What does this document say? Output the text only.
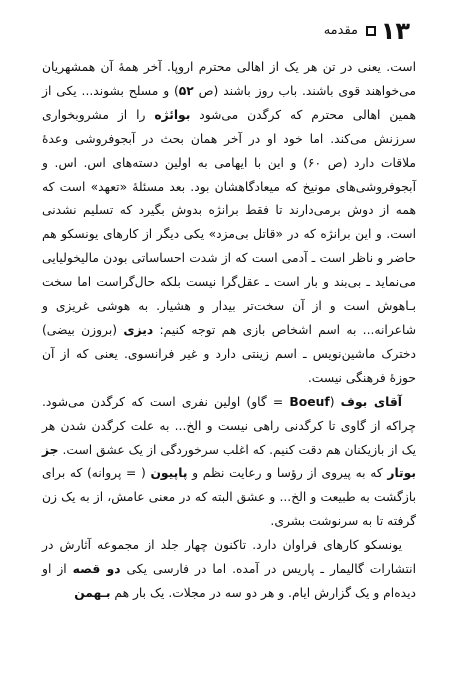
۱۳
مقدمه

است. یعنی در تن هر یک از اهالی محترم اروپا. آخر همهٔ آن همشهریان می‌خواهند قوی باشند. باب روز باشند (ص ۵۲) و مسلح بشوند... یکی از همین اهالی محترم که کرگدن می‌شود بوائژه را از مشروبخواری سرزنش می‌کند. اما خود او در آخر همان بحث در آبجوفروشی وعدهٔ ملاقات دارد (ص ۶۰) و این با ایهامی به اولین دسته‌های اس. اس. و آبجوفروشی‌های مونیخ که میعادگاهشان بود. بعد مسئلهٔ «تعهد» است که همه از دوش برمی‌دارند تا فقط برانژه بدوش بگیرد که تسلیم نشدنی است. و این برانژه که در «قاتل بی‌مزد» یکی دیگر از کارهای یونسکو هم حاضر و ناظر است ـ آدمی است که از شدت احساساتی بودن مالیخولیایی می‌نماید ـ بی‌بند و بار است ـ عقل‌گرا نیست بلکه حال‌گراست اما سخت بـاهوش است و از آن سخت‌تر بیدار و هشیار. به هوشی غریزی و شاعرانه... به اسم اشخاص بازی هم توجه کنیم: دیزی (بروزن بیضی) دخترک ماشین‌نویس ـ اسم زینتی دارد و غیر فرانسوی. یعنی که از آن حوزهٔ فرهنگی نیست.

آقای بوف (Boeuf = گاو) اولین نفری است که کرگدن می‌شود. چراکه از گاوی تا کرگدنی راهی نیست و الخ... به علت کرگدن شدن هر یک از بازیکنان هم دقت کنیم. که اغلب سرخوردگی از یک عشق است. جز بوتار که به پیروی از رؤسا و رعایت نظم و پاپیون ( = پروانه) که برای بازگشت به طبیعت و الخ... و عشق البته که در معنی عامش، از به یک زن گرفته تا به سرنوشت بشری.

یونسکو کارهای فراوان دارد. تاکنون چهار جلد از مجموعه آثارش در انتشارات گالیمار ـ پاریس در آمده. اما در فارسی یکی دو قصه از او دیده‌ام و یک گزارش ایام. و هر دو سه در مجلات. یک بار هم بـهمن
